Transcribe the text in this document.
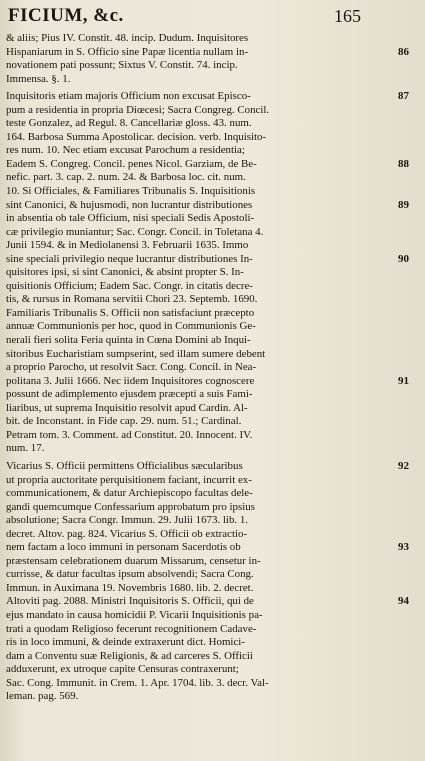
FICIUM, &c.	165
& aliis; Pius IV. Constit. 48. incip. Dudum. Inquisitores
Hispaniarum in S. Officio sine Papæ licentia nullam in-	86
novationem pati possunt; Sixtus V. Constit. 74. incip.
Immensa. §. 1.
Inquisitoris etiam majoris Officium non excusat Episco-	87
pum a residentia in propria Diœcesi; Sacra Congreg. Concil.
teste Gonzalez, ad Regul. 8. Cancellariæ gloss. 43. num.
164. Barbosa Summa Apostolicar. decision. verb. Inquisito-
res num. 10. Nec etiam excusat Parochum a residentia;
Eadem S. Congreg. Concil. penes Nicol. Garziam, de Be-	88
nefic. part. 3. cap. 2. num. 24. & Barbosa loc. cit. num.
10. Si Officiales, & Familiares Tribunalis S. Inquisitionis
sint Canonici, & hujusmodi, non lucrantur distributiones	89
in absentia ob tale Officium, nisi speciali Sedis Apostoli-
cæ privilegio muniantur; Sac. Congr. Concil. in Toletana 4.
Junii 1594. & in Mediolanensi 3. Februarii 1635. Immo
sine speciali privilegio neque lucrantur distributiones In-	90
quisitores ipsi, si sint Canonici, & absint propter S. In-
quisitionis Officium; Eadem Sac. Congr. in citatis decre-
tis, & rursus in Romana servitii Chori 23. Septemb. 1690.
Familiaris Tribunalis S. Officii non satisfaciunt præcepto
annuæ Communionis per hoc, quod in Communionis Ge-
nerali fieri solita Feria quinta in Cœna Domini ab Inqui-
sitoribus Eucharistiam sumpserint, sed illam sumere debent
a proprio Parocho, ut resolvit Sacr. Cong. Concil. in Nea-
politana 3. Julii 1666. Nec iidem Inquisitores cognoscere	91
possunt de adimplemento ejusdem præcepti a suis Fami-
liaribus, ut suprema Inquisitio resolvit apud Cardin. Al-
bit. de Inconstant. in Fide cap. 29. num. 51.; Cardinal.
Petram tom. 3. Comment. ad Constitut. 20. Innocent. IV.
num. 17.
Vicarius S. Officii permittens Officialibus sæcularibus	92
ut propria auctoritate perquisitionem faciant, incurrit ex-
communicationem, & datur Archiepiscopo facultas dele-
gandi quemcumque Confessarium approbatum pro ipsius
absolutione; Sacra Congr. Immun. 29. Julii 1673. lib. 1.
decret. Altov. pag. 824. Vicarius S. Officii ob extractio-
nem factam a loco immuni in personam Sacerdotis ob	93
præstensam celebrationem duarum Missarum, censetur in-
currisse, & datur facultas ipsum absolvendi; Sacra Cong.
Immun. in Auximana 19. Novembris 1680. lib. 2. decret.
Altoviti pag. 2088. Ministri Inquisitoris S. Officii, qui de	94
ejus mandato in causa homicidii P. Vicarii Inquisitionis pa-
trati a quodam Religioso fecerunt recognitionem Cadave-
ris in loco immuni, & deinde extraxerunt dict. Homici-
dam a Conventu suæ Religionis, & ad carceres S. Officii
adduxerunt, ex utroque capite Censuras contraxerunt;
Sac. Cong. Immunit. in Crem. 1. Apr. 1704. lib. 3. decr. Val-
leman. pag. 569.
